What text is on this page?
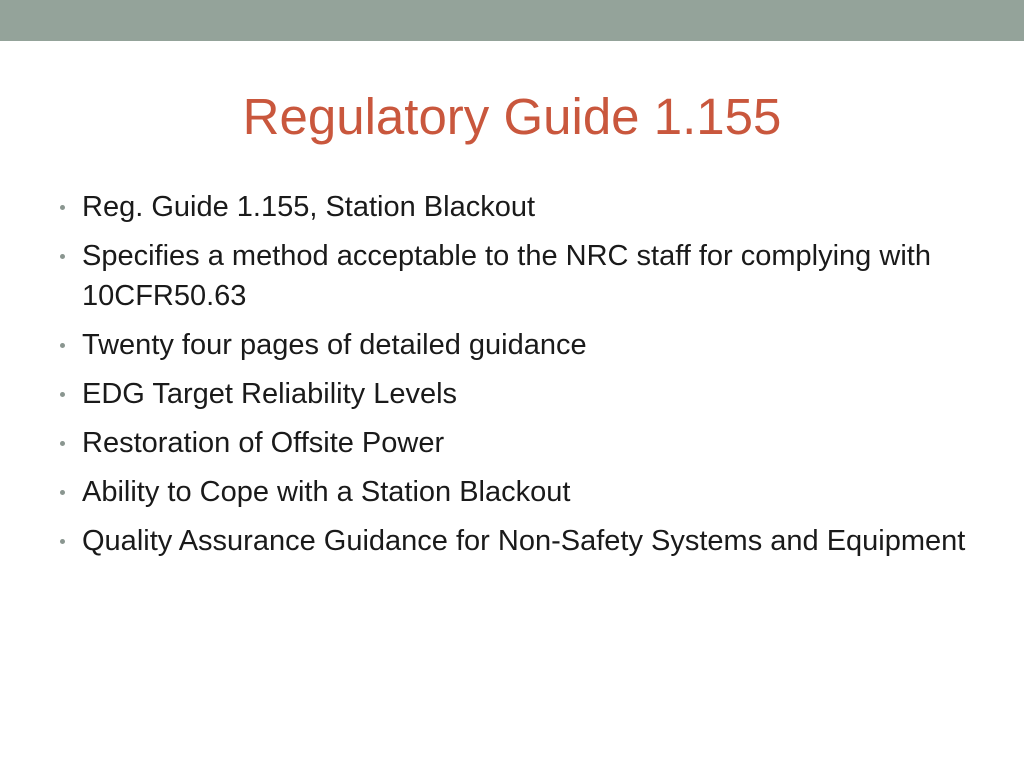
Regulatory Guide 1.155
Reg. Guide 1.155, Station Blackout
Specifies a method acceptable to the NRC staff for complying with 10CFR50.63
Twenty four pages of detailed guidance
EDG Target Reliability Levels
Restoration of Offsite Power
Ability to Cope with a Station Blackout
Quality Assurance Guidance for Non-Safety Systems and Equipment
